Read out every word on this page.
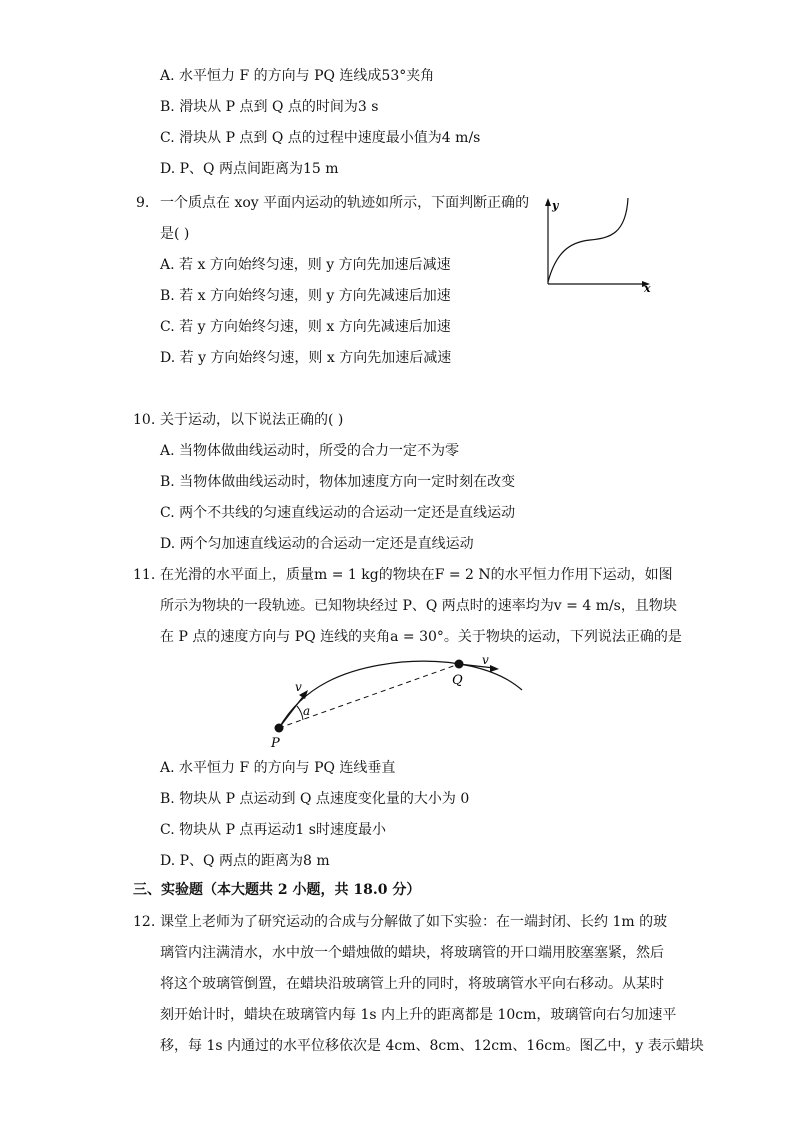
A. 水平恒力 F 的方向与 PQ 连线成53°夹角
B. 滑块从 P 点到 Q 点的时间为3 s
C. 滑块从 P 点到 Q 点的过程中速度最小值为4 m/s
D. P、Q 两点间距离为15 m
9. 一个质点在 xoy 平面内运动的轨迹如所示，下面判断正确的
是( )
A. 若 x 方向始终匀速，则 y 方向先加速后减速
B. 若 x 方向始终匀速，则 y 方向先减速后加速
C. 若 y 方向始终匀速，则 x 方向先减速后加速
D. 若 y 方向始终匀速，则 x 方向先加速后减速
y
x
10. 关于运动，以下说法正确的( )
A. 当物体做曲线运动时，所受的合力一定不为零
B. 当物体做曲线运动时，物体加速度方向一定时刻在改变
C. 两个不共线的匀速直线运动的合运动一定还是直线运动
D. 两个匀加速直线运动的合运动一定还是直线运动
11. 在光滑的水平面上，质量m = 1 kg的物块在F = 2 N的水平恒力作用下运动，如图
所示为物块的一段轨迹。已知物块经过 P、Q 两点时的速率均为v = 4 m/s，且物块
在 P 点的速度方向与 PQ 连线的夹角a = 30°。关于物块的运动，下列说法正确的是
P
Q
v
v
a
A. 水平恒力 F 的方向与 PQ 连线垂直
B. 物块从 P 点运动到 Q 点速度变化量的大小为 0
C. 物块从 P 点再运动1 s时速度最小
D. P、Q 两点的距离为8 m
三、实验题（本大题共 2 小题，共 18.0 分）
12. 课堂上老师为了研究运动的合成与分解做了如下实验：在一端封闭、长约 1m 的玻
璃管内注满清水，水中放一个蜡烛做的蜡块，将玻璃管的开口端用胶塞塞紧，然后
将这个玻璃管倒置，在蜡块沿玻璃管上升的同时，将玻璃管水平向右移动。从某时
刻开始计时，蜡块在玻璃管内每 1s 内上升的距离都是 10cm，玻璃管向右匀加速平
移，每 1s 内通过的水平位移依次是 4cm、8cm、12cm、16cm。图乙中，y 表示蜡块
